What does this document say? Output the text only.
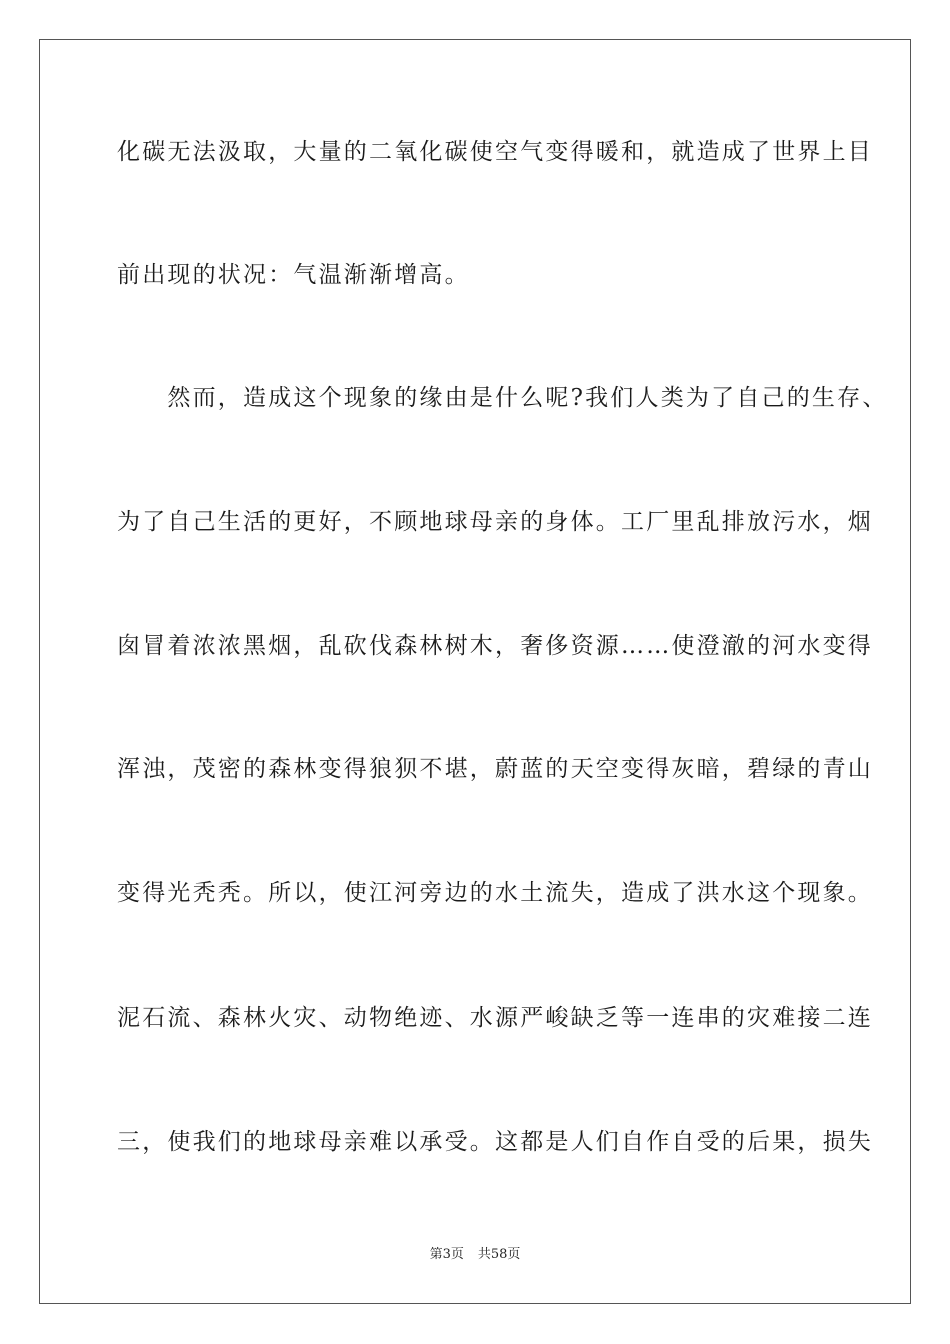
化碳无法汲取，大量的二氧化碳使空气变得暖和，就造成了世界上目
前出现的状况：气温渐渐增高。
　　然而，造成这个现象的缘由是什么呢?我们人类为了自己的生存、
为了自己生活的更好，不顾地球母亲的身体。工厂里乱排放污水，烟
囱冒着浓浓黑烟，乱砍伐森林树木，奢侈资源……使澄澈的河水变得
浑浊，茂密的森林变得狼狈不堪，蔚蓝的天空变得灰暗，碧绿的青山
变得光秃秃。所以，使江河旁边的水土流失，造成了洪水这个现象。
泥石流、森林火灾、动物绝迹、水源严峻缺乏等一连串的灾难接二连
三，使我们的地球母亲难以承受。这都是人们自作自受的后果，损失
第3页 共58页
